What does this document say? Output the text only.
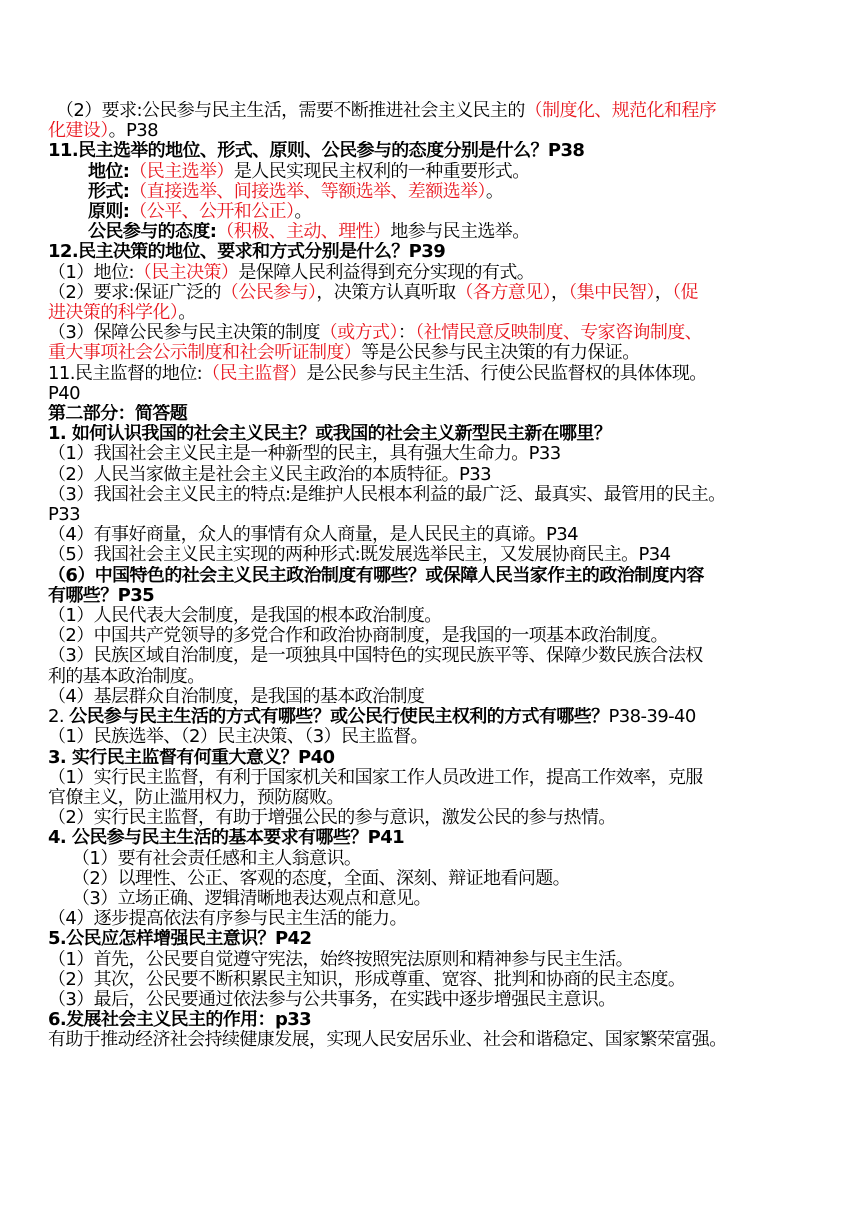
（2）要求:公民参与民主生活，需要不断推进社会主义民主的（制度化、规范化和程序
化建设）。P38
11.民主选举的地位、形式、原则、公民参与的态度分别是什么？P38
地位:（民主选举）是人民实现民主权利的一种重要形式。
形式:（直接选举、间接选举、等额选举、差额选举）。
原则:（公平、公开和公正）。
公民参与的态度:（积极、主动、理性）地参与民主选举。
12.民主决策的地位、要求和方式分别是什么？P39
（1）地位:（民主决策）是保障人民利益得到充分实现的有式。
（2）要求:保证广泛的（公民参与），决策方认真听取（各方意见），（集中民智），（促
进决策的科学化）。
（3）保障公民参与民主决策的制度（或方式）：（社情民意反映制度、专家咨询制度、
重大事项社会公示制度和社会听证制度）等是公民参与民主决策的有力保证。
11.民主监督的地位:（民主监督）是公民参与民主生活、行使公民监督权的具体体现。
P40
第二部分：简答题
1. 如何认识我国的社会主义民主？或我国的社会主义新型民主新在哪里？
（1）我国社会主义民主是一种新型的民主，具有强大生命力。P33
（2）人民当家做主是社会主义民主政治的本质特征。P33
（3）我国社会主义民主的特点:是维护人民根本利益的最广泛、最真实、最管用的民主。
P33
（4）有事好商量，众人的事情有众人商量，是人民民主的真谛。P34
（5）我国社会主义民主实现的两种形式:既发展选举民主，又发展协商民主。P34
（6）中国特色的社会主义民主政治制度有哪些？或保障人民当家作主的政治制度内容
有哪些？P35
（1）人民代表大会制度，是我国的根本政治制度。
（2）中国共产党领导的多党合作和政治协商制度，是我国的一项基本政治制度。
（3）民族区域自治制度，是一项独具中国特色的实现民族平等、保障少数民族合法权
利的基本政治制度。
（4）基层群众自治制度，是我国的基本政治制度
2. 公民参与民主生活的方式有哪些？或公民行使民主权利的方式有哪些？P38-39-40
（1）民族选举、（2）民主决策、（3）民主监督。
3. 实行民主监督有何重大意义？P40
（1）实行民主监督，有利于国家机关和国家工作人员改进工作，提高工作效率，克服
官僚主义，防止滥用权力，预防腐败。
（2）实行民主监督，有助于增强公民的参与意识，激发公民的参与热情。
4. 公民参与民主生活的基本要求有哪些？P41
（1）要有社会责任感和主人翁意识。
（2）以理性、公正、客观的态度，全面、深刻、辩证地看问题。
（3）立场正确、逻辑清晰地表达观点和意见。
（4）逐步提高依法有序参与民主生活的能力。
5.公民应怎样增强民主意识？P42
（1）首先，公民要自觉遵守宪法，始终按照宪法原则和精神参与民主生活。
（2）其次，公民要不断积累民主知识，形成尊重、宽容、批判和协商的民主态度。
（3）最后，公民要通过依法参与公共事务，在实践中逐步增强民主意识。
6.发展社会主义民主的作用：p33
有助于推动经济社会持续健康发展，实现人民安居乐业、社会和谐稳定、国家繁荣富强。
